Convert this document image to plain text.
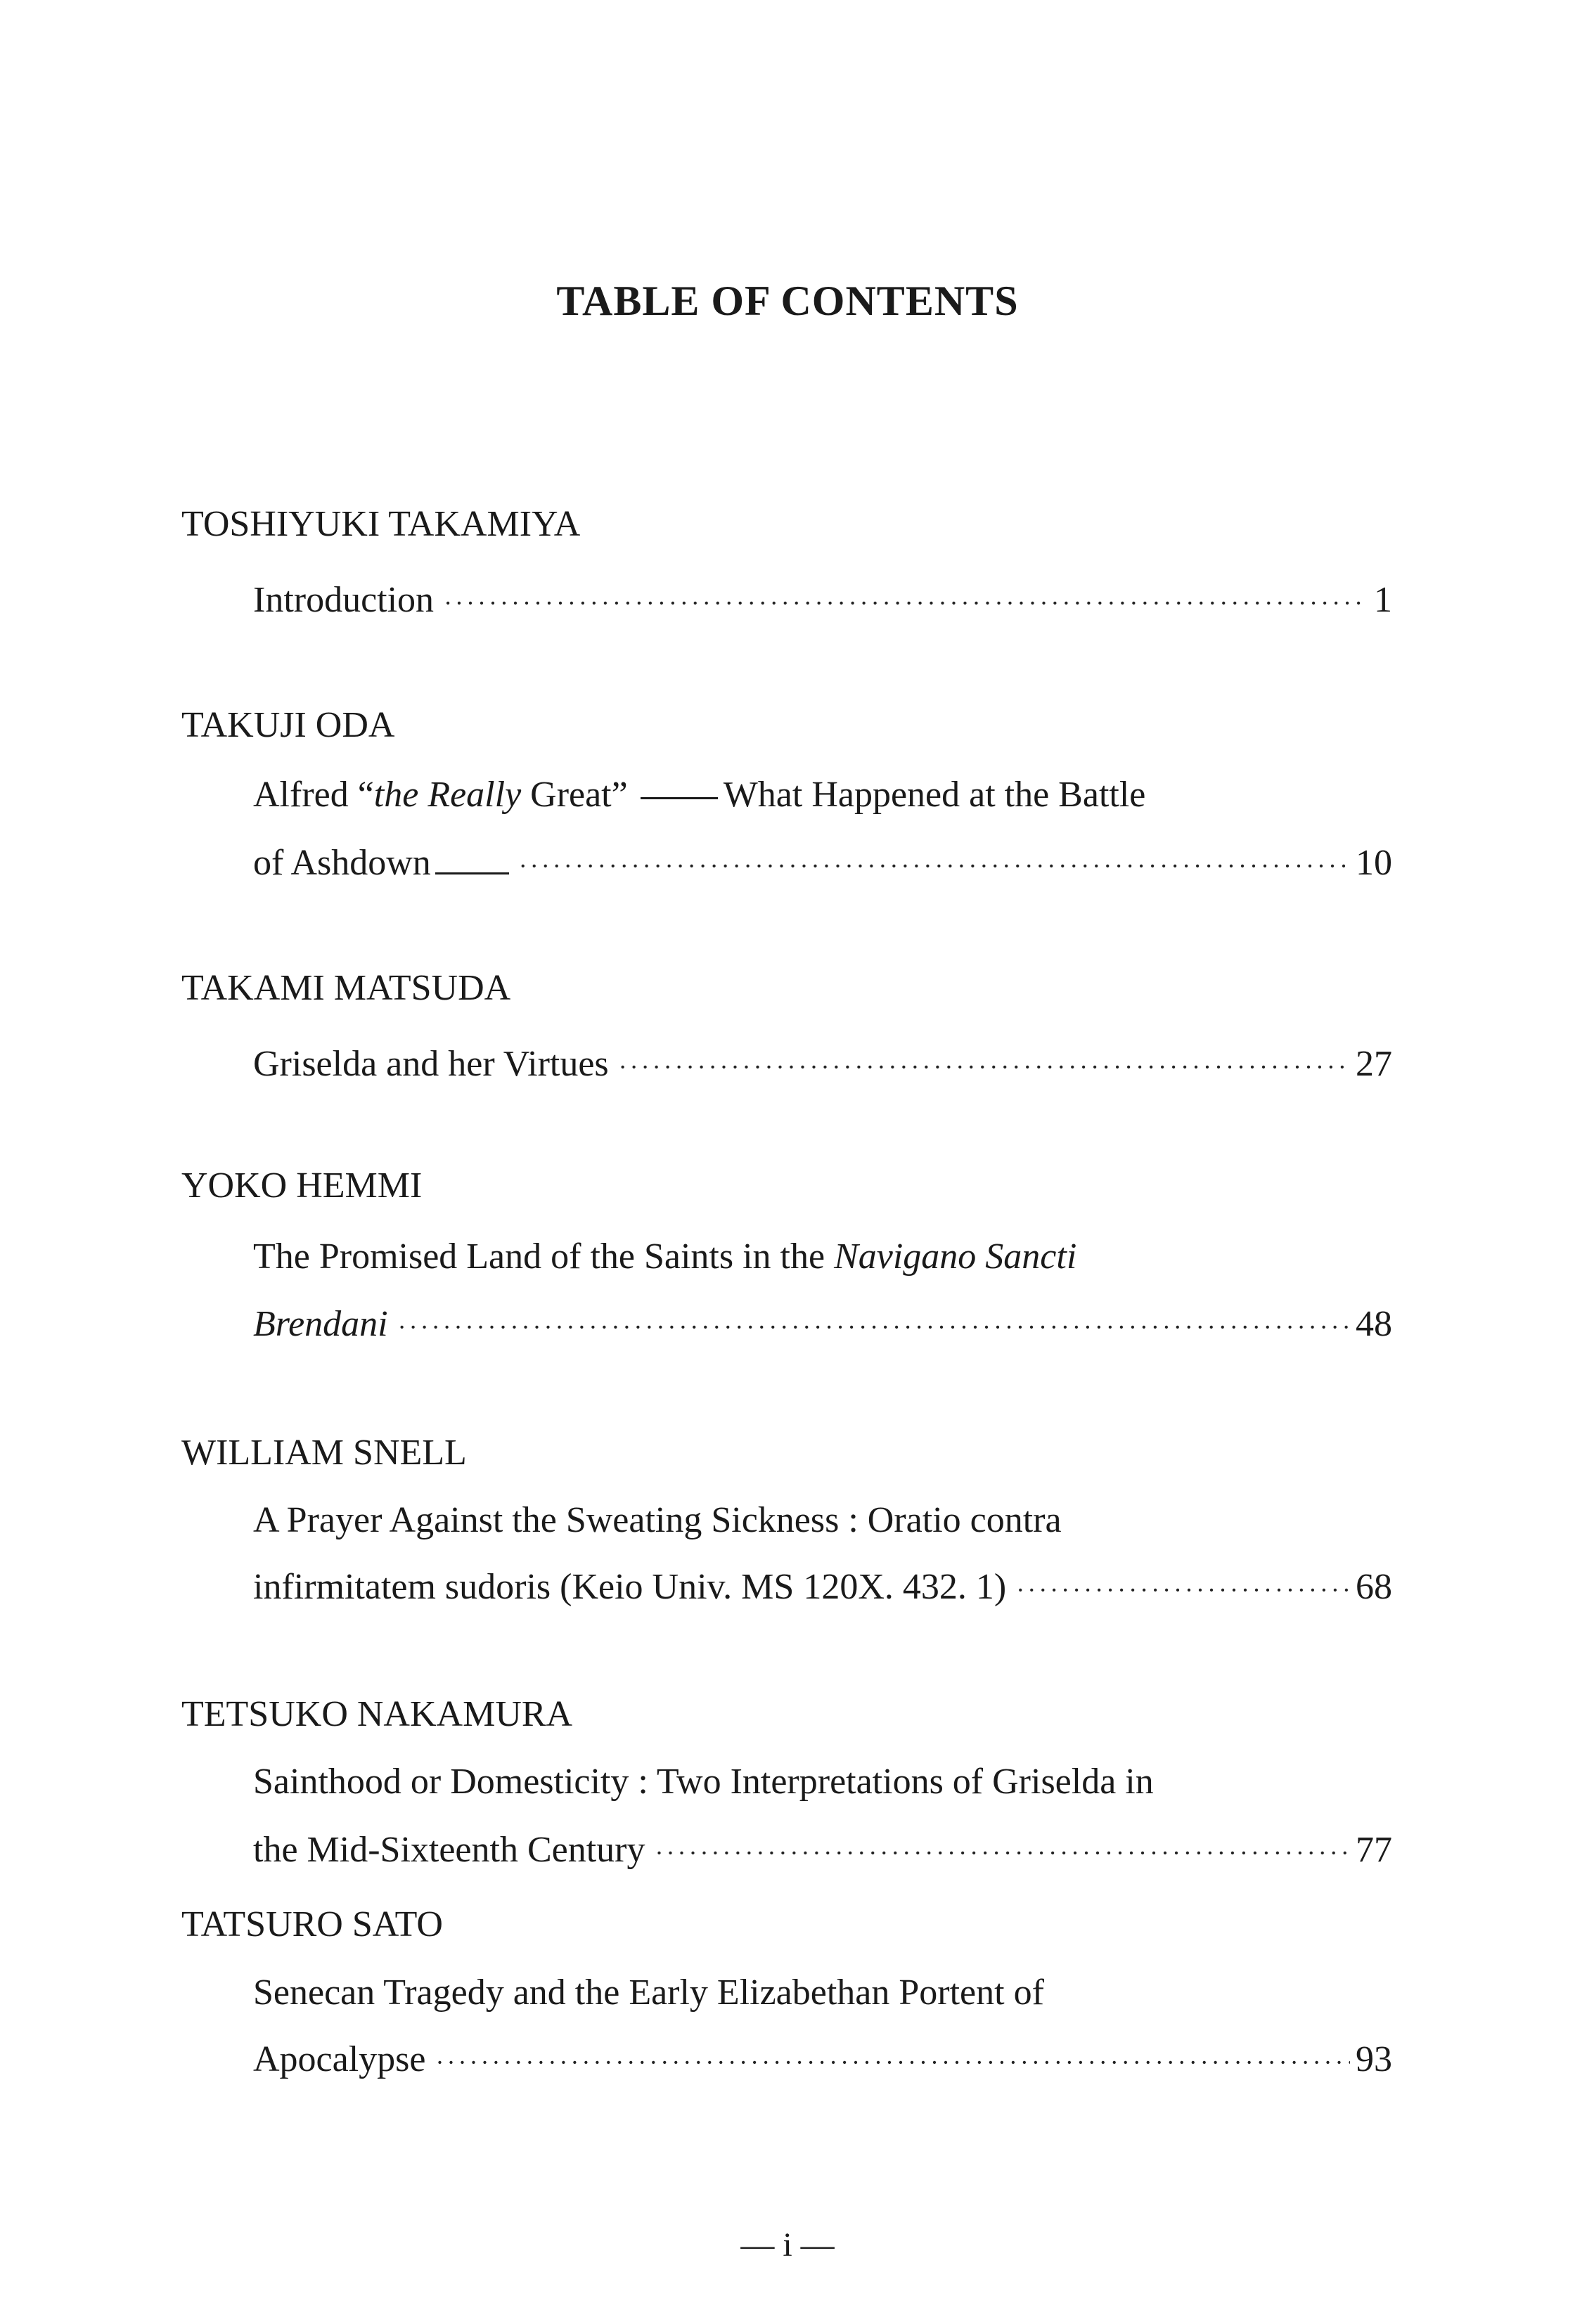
TABLE OF CONTENTS
TOSHIYUKI TAKAMIYA
Introduction ·····	1
TAKUJI ODA
Alfred “the Really Great”	What Happened at the Battle
of Ashdown ·····	10
TAKAMI MATSUDA
Griselda and her Virtues ·····	27
YOKO HEMMI
The Promised Land of the Saints in the Navigano Sancti
Brendani ·····	48
WILLIAM SNELL
A Prayer Against the Sweating Sickness : Oratio contra
infirmitatem sudoris (Keio Univ. MS 120X. 432. 1) ·····	68
TETSUKO NAKAMURA
Sainthood or Domesticity : Two Interpretations of Griselda in
the Mid-Sixteenth Century ·····	77
TATSURO SATO
— i —
Senecan Tragedy and the Early Elizabethan Portent of
Apocalypse ·····	93
